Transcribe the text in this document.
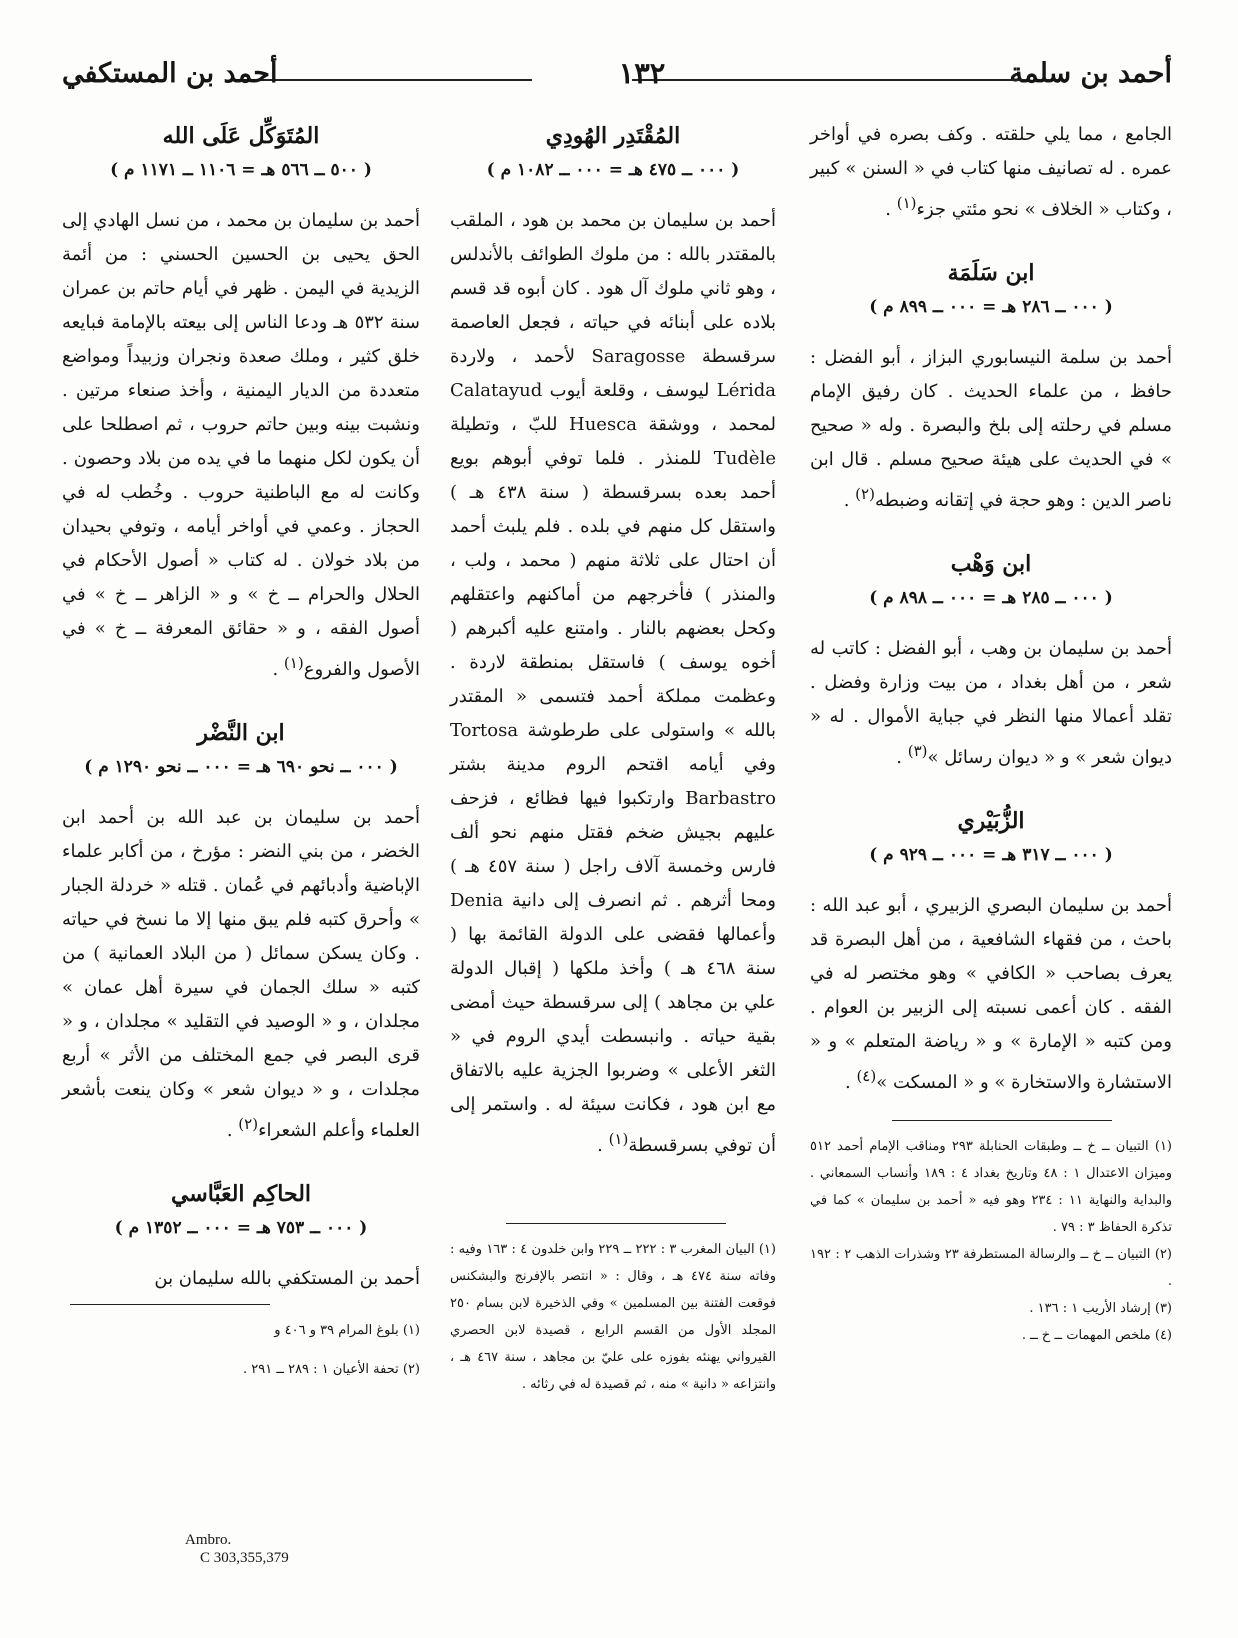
أحمد بن سلمة
١٣٢
أحمد بن المستكفي

الجامع ، مما يلي حلقته . وكف بصره في أواخر عمره . له تصانيف منها كتاب في « السنن » كبير ، وكتاب « الخلاف » نحو مئتي جزء$^{(١)}$ .

ابن سَلَمَة

( ٠٠٠ ــ ٢٨٦ هـ = ٠٠٠ ــ ٨٩٩ م )

أحمد بن سلمة النيسابوري البزاز ، أبو الفضل : حافظ ، من علماء الحديث . كان رفيق الإمام مسلم في رحلته إلى بلخ والبصرة . وله « صحيح » في الحديث على هيئة صحيح مسلم . قال ابن ناصر الدين : وهو حجة في إتقانه وضبطه$^{(٢)}$ .

ابن وَهْب

( ٠٠٠ ــ ٢٨٥ هـ = ٠٠٠ ــ ٨٩٨ م )

أحمد بن سليمان بن وهب ، أبو الفضل : كاتب له شعر ، من أهل بغداد ، من بيت وزارة وفضل . تقلد أعمالا منها النظر في جباية الأموال . له « ديوان شعر » و « ديوان رسائل »$^{(٣)}$ .

الزُّبَيْري

( ٠٠٠ ــ ٣١٧ هـ = ٠٠٠ ــ ٩٢٩ م )

أحمد بن سليمان البصري الزبيري ، أبو عبد الله : باحث ، من فقهاء الشافعية ، من أهل البصرة قد يعرف بصاحب « الكافي » وهو مختصر له في الفقه . كان أعمى نسبته إلى الزبير بن العوام . ومن كتبه « الإمارة » و « رياضة المتعلم » و « الاستشارة والاستخارة » و « المسكت »$^{(٤)}$ .

(١) التبيان ــ خ ــ وطبقات الحنابلة ٢٩٣ ومناقب الإمام أحمد ٥١٢ وميزان الاعتدال ١ : ٤٨ وتاريخ بغداد ٤ : ١٨٩ وأنساب السمعاني . والبداية والنهاية ١١ : ٢٣٤ وهو فيه « أحمد بن سليمان » كما في تذكرة الحفاظ ٣ : ٧٩ .

(٢) التبيان ــ خ ــ والرسالة المستطرفة ٢٣ وشذرات الذهب ٢ : ١٩٢ .

(٣) إرشاد الأريب ١ : ١٣٦ .

(٤) ملخص المهمات ــ خ ــ .

المُقْتَدِر الهُودِي

( ٠٠٠ ــ ٤٧٥ هـ = ٠٠٠ ــ ١٠٨٢ م )

أحمد بن سليمان بن محمد بن هود ، الملقب بالمقتدر بالله : من ملوك الطوائف بالأندلس ، وهو ثاني ملوك آل هود . كان أبوه قد قسم بلاده على أبنائه في حياته ، فجعل العاصمة سرقسطة Saragosse لأحمد ، ولاردة Lérida ليوسف ، وقلعة أيوب Calatayud لمحمد ، ووشقة Huesca للبّ ، وتطيلة Tudèle للمنذر . فلما توفي أبوهم بويع أحمد بعده بسرقسطة ( سنة ٤٣٨ هـ ) واستقل كل منهم في بلده . فلم يلبث أحمد أن احتال على ثلاثة منهم ( محمد ، ولب ، والمنذر ) فأخرجهم من أماكنهم واعتقلهم وكحل بعضهم بالنار . وامتنع عليه أكبرهم ( أخوه يوسف ) فاستقل بمنطقة لاردة . وعظمت مملكة أحمد فتسمى « المقتدر بالله » واستولى على طرطوشة Tortosa وفي أيامه اقتحم الروم مدينة بشتر Barbastro وارتكبوا فيها فظائع ، فزحف عليهم بجيش ضخم فقتل منهم نحو ألف فارس وخمسة آلاف راجل ( سنة ٤٥٧ هـ ) ومحا أثرهم . ثم انصرف إلى دانية Denia وأعمالها فقضى على الدولة القائمة بها ( سنة ٤٦٨ هـ ) وأخذ ملكها ( إقبال الدولة علي بن مجاهد ) إلى سرقسطة حيث أمضى بقية حياته . وانبسطت أيدي الروم في « الثغر الأعلى » وضربوا الجزية عليه بالاتفاق مع ابن هود ، فكانت سيئة له . واستمر إلى أن توفي بسرقسطة$^{(١)}$ .

(١) البيان المغرب ٣ : ٢٢٢ ــ ٢٢٩ وابن خلدون ٤ : ١٦٣ وفيه : وفاته سنة ٤٧٤ هـ ، وقال : « انتصر بالإفرنج والبشكنس فوقعت الفتنة بين المسلمين » وفي الذخيرة لابن بسام ٢٥٠ المجلد الأول من القسم الرابع ، قصيدة لابن الحصري القيرواني يهنئه بفوزه على عليّ بن مجاهد ، سنة ٤٦٧ هـ ، وانتزاعه « دانية » منه ، ثم قصيدة له في رثائه .

المُتَوَكِّل عَلَى الله

( ٥٠٠ ــ ٥٦٦ هـ = ١١٠٦ ــ ١١٧١ م )

أحمد بن سليمان بن محمد ، من نسل الهادي إلى الحق يحيى بن الحسين الحسني : من أئمة الزيدية في اليمن . ظهر في أيام حاتم بن عمران سنة ٥٣٢ هـ ودعا الناس إلى بيعته بالإمامة فبايعه خلق كثير ، وملك صعدة ونجران وزبيداً ومواضع متعددة من الديار اليمنية ، وأخذ صنعاء مرتين . ونشبت بينه وبين حاتم حروب ، ثم اصطلحا على أن يكون لكل منهما ما في يده من بلاد وحصون . وكانت له مع الباطنية حروب . وخُطب له في الحجاز . وعمي في أواخر أيامه ، وتوفي بحيدان من بلاد خولان . له كتاب « أصول الأحكام في الحلال والحرام ــ خ » و « الزاهر ــ خ » في أصول الفقه ، و « حقائق المعرفة ــ خ » في الأصول والفروع$^{(١)}$ .

ابن النَّضْر

( ٠٠٠ ــ نحو ٦٩٠ هـ = ٠٠٠ ــ نحو ١٢٩٠ م )

أحمد بن سليمان بن عبد الله بن أحمد ابن الخضر ، من بني النضر : مؤرخ ، من أكابر علماء الإباضية وأدبائهم في عُمان . قتله « خردلة الجبار » وأحرق كتبه فلم يبق منها إلا ما نسخ في حياته . وكان يسكن سمائل ( من البلاد العمانية ) من كتبه « سلك الجمان في سيرة أهل عمان » مجلدان ، و « الوصيد في التقليد » مجلدان ، و « قرى البصر في جمع المختلف من الأثر » أربع مجلدات ، و « ديوان شعر » وكان ينعت بأشعر العلماء وأعلم الشعراء$^{(٢)}$ .

الحاكِم العَبَّاسي

( ٠٠٠ ــ ٧٥٣ هـ = ٠٠٠ ــ ١٣٥٢ م )

أحمد بن المستكفي بالله سليمان بن

(١) بلوغ المرام ٣٩ و ٤٠٦ و

(٢) تحفة الأعيان ١ : ٢٨٩ ــ ٢٩١ .

Ambro.
C 303,355,379
